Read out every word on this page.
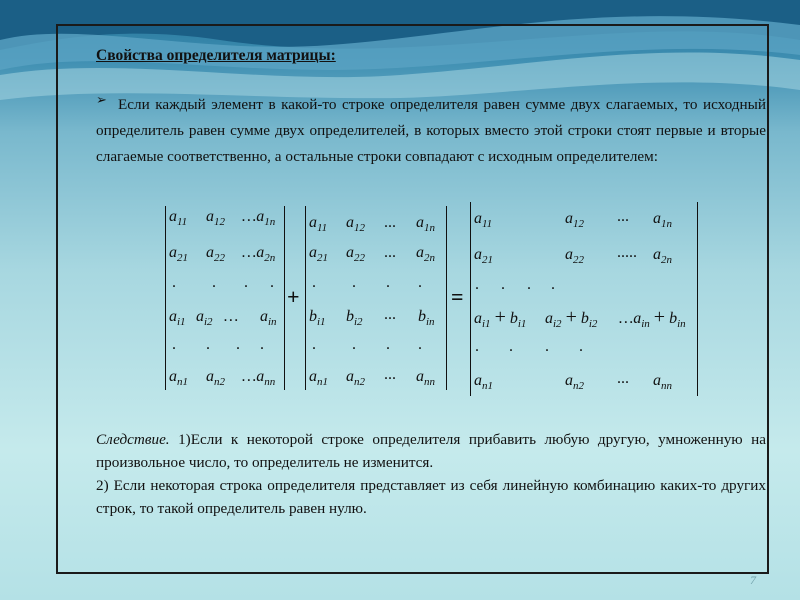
Свойства определителя матрицы:
➢ Если каждый элемент в какой-то строке определителя равен сумме двух слагаемых, то исходный определитель равен сумме двух определителей, в которых вместо этой строки стоят первые и вторые слагаемые соответственно, а остальные строки совпадают с исходным определителем:

$a_{11}$ $a_{12}$ $\dots a_{1n}$
$a_{21}$ $a_{22}$ $\dots a_{2n}$
. . . .
$a_{i1}$ $a_{i2}$ … $a_{in}$
. . . .
$a_{n1}$ $a_{n2}$ $\dots a_{nn}$
+
$a_{11}$ $a_{12}$ ... $a_{1n}$
$a_{21}$ $a_{22}$ ... $a_{2n}$
. . . .
$b_{i1}$ $b_{i2}$ ... $b_{in}$
. . . .
$a_{n1}$ $a_{n2}$ ... $a_{nn}$
=
$a_{11}$	$a_{12}$ ... $a_{1n}$
$a_{21}$	$a_{22}$ ..... $a_{2n}$
. . . .
$a_{i1} + b_{i1}$ $a_{i2} + b_{i2}$ $\dots a_{in} + b_{in}$
. . . .
$a_{n1}$	$a_{n2}$ ... $a_{nn}$

Следствие. 1)Если к некоторой строке определителя прибавить любую другую, умноженную на произвольное число, то определитель не изменится.
2) Если некоторая строка определителя представляет из себя линейную комбинацию каких-то других строк, то такой определитель равен нулю.

7
